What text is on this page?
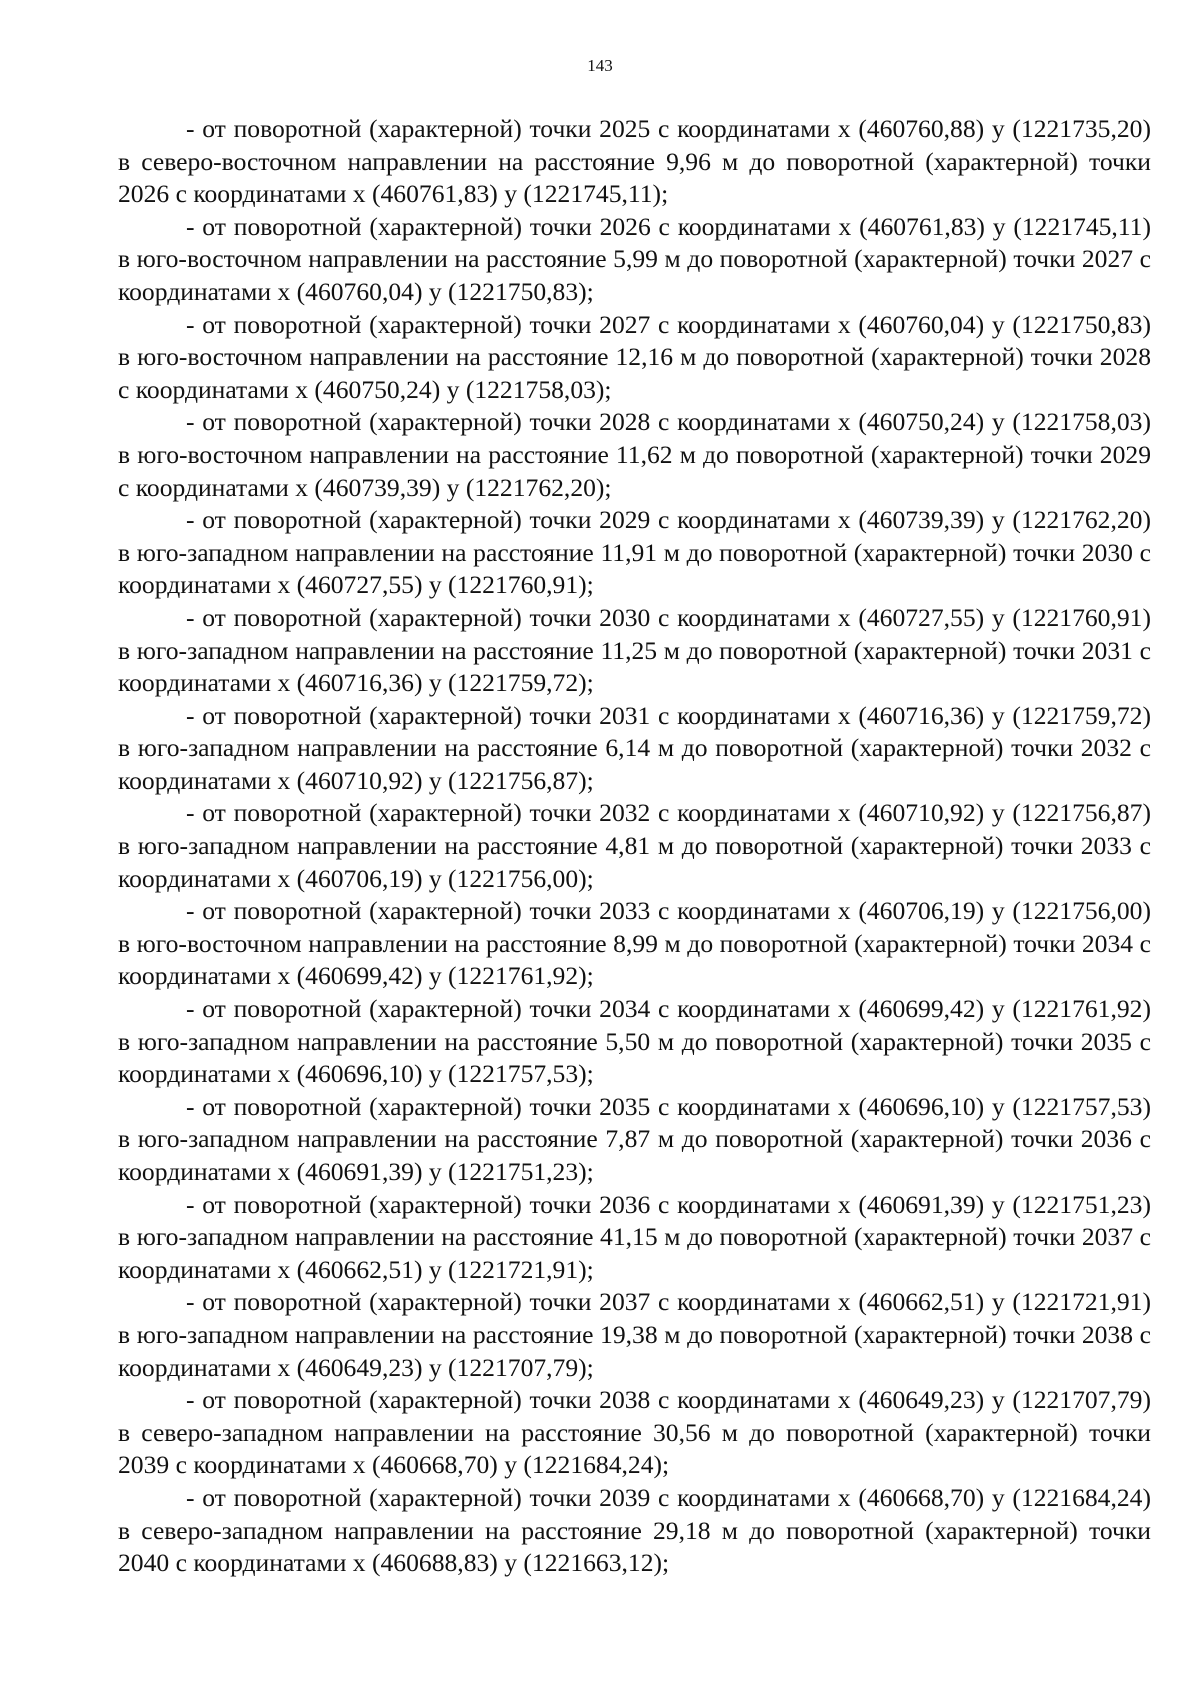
143

- от поворотной (характерной) точки 2025 с координатами x (460760,88) y (1221735,20) в северо-восточном направлении на расстояние 9,96 м до поворотной (характерной) точки 2026 с координатами x (460761,83) y (1221745,11);

- от поворотной (характерной) точки 2026 с координатами x (460761,83) y (1221745,11) в юго-восточном направлении на расстояние 5,99 м до поворотной (характерной) точки 2027 с координатами x (460760,04) y (1221750,83);

- от поворотной (характерной) точки 2027 с координатами x (460760,04) y (1221750,83) в юго-восточном направлении на расстояние 12,16 м до поворотной (характерной) точки 2028 с координатами x (460750,24) y (1221758,03);

- от поворотной (характерной) точки 2028 с координатами x (460750,24) y (1221758,03) в юго-восточном направлении на расстояние 11,62 м до поворотной (характерной) точки 2029 с координатами x (460739,39) y (1221762,20);

- от поворотной (характерной) точки 2029 с координатами x (460739,39) y (1221762,20) в юго-западном направлении на расстояние 11,91 м до поворотной (характерной) точки 2030 с координатами x (460727,55) y (1221760,91);

- от поворотной (характерной) точки 2030 с координатами x (460727,55) y (1221760,91) в юго-западном направлении на расстояние 11,25 м до поворотной (характерной) точки 2031 с координатами x (460716,36) y (1221759,72);

- от поворотной (характерной) точки 2031 с координатами x (460716,36) y (1221759,72) в юго-западном направлении на расстояние 6,14 м до поворотной (характерной) точки 2032 с координатами x (460710,92) y (1221756,87);

- от поворотной (характерной) точки 2032 с координатами x (460710,92) y (1221756,87) в юго-западном направлении на расстояние 4,81 м до поворотной (характерной) точки 2033 с координатами x (460706,19) y (1221756,00);

- от поворотной (характерной) точки 2033 с координатами x (460706,19) y (1221756,00) в юго-восточном направлении на расстояние 8,99 м до поворотной (характерной) точки 2034 с координатами x (460699,42) y (1221761,92);

- от поворотной (характерной) точки 2034 с координатами x (460699,42) y (1221761,92) в юго-западном направлении на расстояние 5,50 м до поворотной (характерной) точки 2035 с координатами x (460696,10) y (1221757,53);

- от поворотной (характерной) точки 2035 с координатами x (460696,10) y (1221757,53) в юго-западном направлении на расстояние 7,87 м до поворотной (характерной) точки 2036 с координатами x (460691,39) y (1221751,23);

- от поворотной (характерной) точки 2036 с координатами x (460691,39) y (1221751,23) в юго-западном направлении на расстояние 41,15 м до поворотной (характерной) точки 2037 с координатами x (460662,51) y (1221721,91);

- от поворотной (характерной) точки 2037 с координатами x (460662,51) y (1221721,91) в юго-западном направлении на расстояние 19,38 м до поворотной (характерной) точки 2038 с координатами x (460649,23) y (1221707,79);

- от поворотной (характерной) точки 2038 с координатами x (460649,23) y (1221707,79) в северо-западном направлении на расстояние 30,56 м до поворотной (характерной) точки 2039 с координатами x (460668,70) y (1221684,24);

- от поворотной (характерной) точки 2039 с координатами x (460668,70) y (1221684,24) в северо-западном направлении на расстояние 29,18 м до поворотной (характерной) точки 2040 с координатами x (460688,83) y (1221663,12);
